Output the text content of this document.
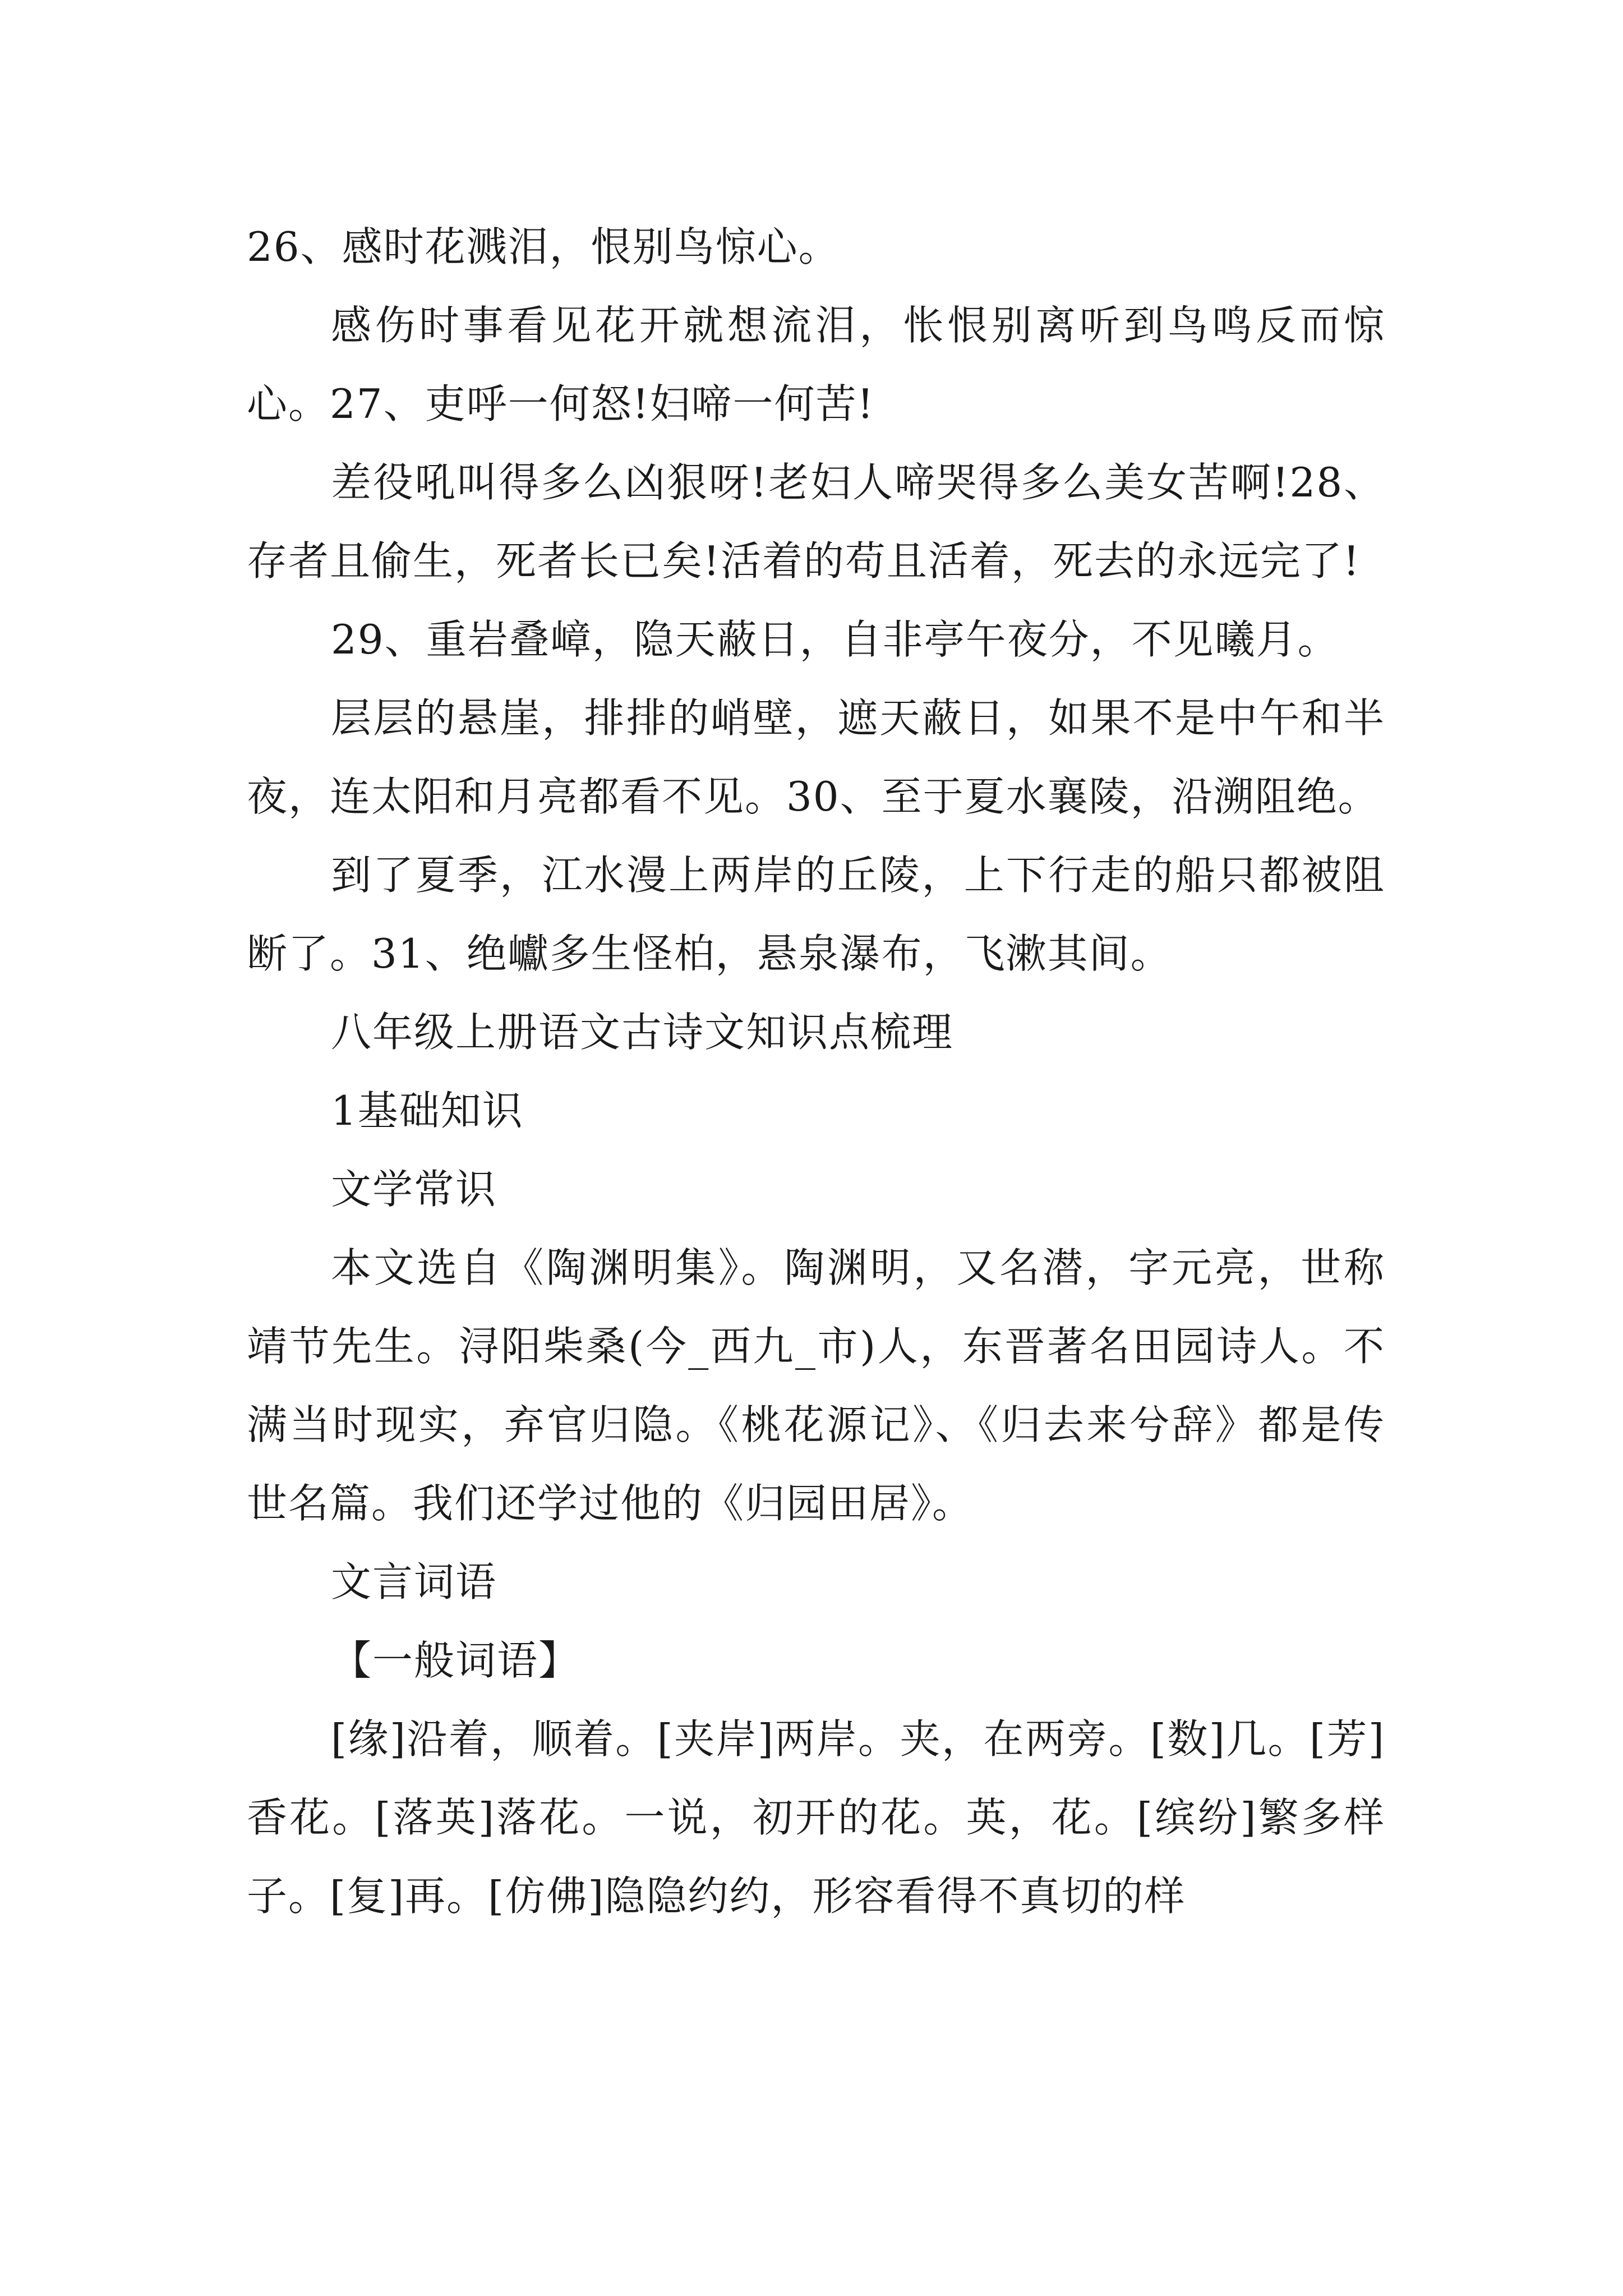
26、感时花溅泪，恨别鸟惊心。

感伤时事看见花开就想流泪，怅恨别离听到鸟鸣反而惊心。27、吏呼一何怒!妇啼一何苦!

差役吼叫得多么凶狠呀!老妇人啼哭得多么美女苦啊!28、存者且偷生，死者长已矣!活着的苟且活着，死去的永远完了!

29、重岩叠嶂，隐天蔽日，自非亭午夜分，不见曦月。

层层的悬崖，排排的峭壁，遮天蔽日，如果不是中午和半夜，连太阳和月亮都看不见。30、至于夏水襄陵，沿溯阻绝。

到了夏季，江水漫上两岸的丘陵，上下行走的船只都被阻断了。31、绝巘多生怪柏，悬泉瀑布，飞漱其间。

八年级上册语文古诗文知识点梳理

1基础知识

文学常识

本文选自《陶渊明集》。陶渊明，又名潜，字元亮，世称靖节先生。浔阳柴桑(今_西九_市)人，东晋著名田园诗人。不满当时现实，弃官归隐。《桃花源记》、《归去来兮辞》都是传世名篇。我们还学过他的《归园田居》。

文言词语

【一般词语】

[缘]沿着，顺着。[夹岸]两岸。夹，在两旁。[数]几。[芳]香花。[落英]落花。一说，初开的花。英，花。[缤纷]繁多样子。[复]再。[仿佛]隐隐约约，形容看得不真切的样
